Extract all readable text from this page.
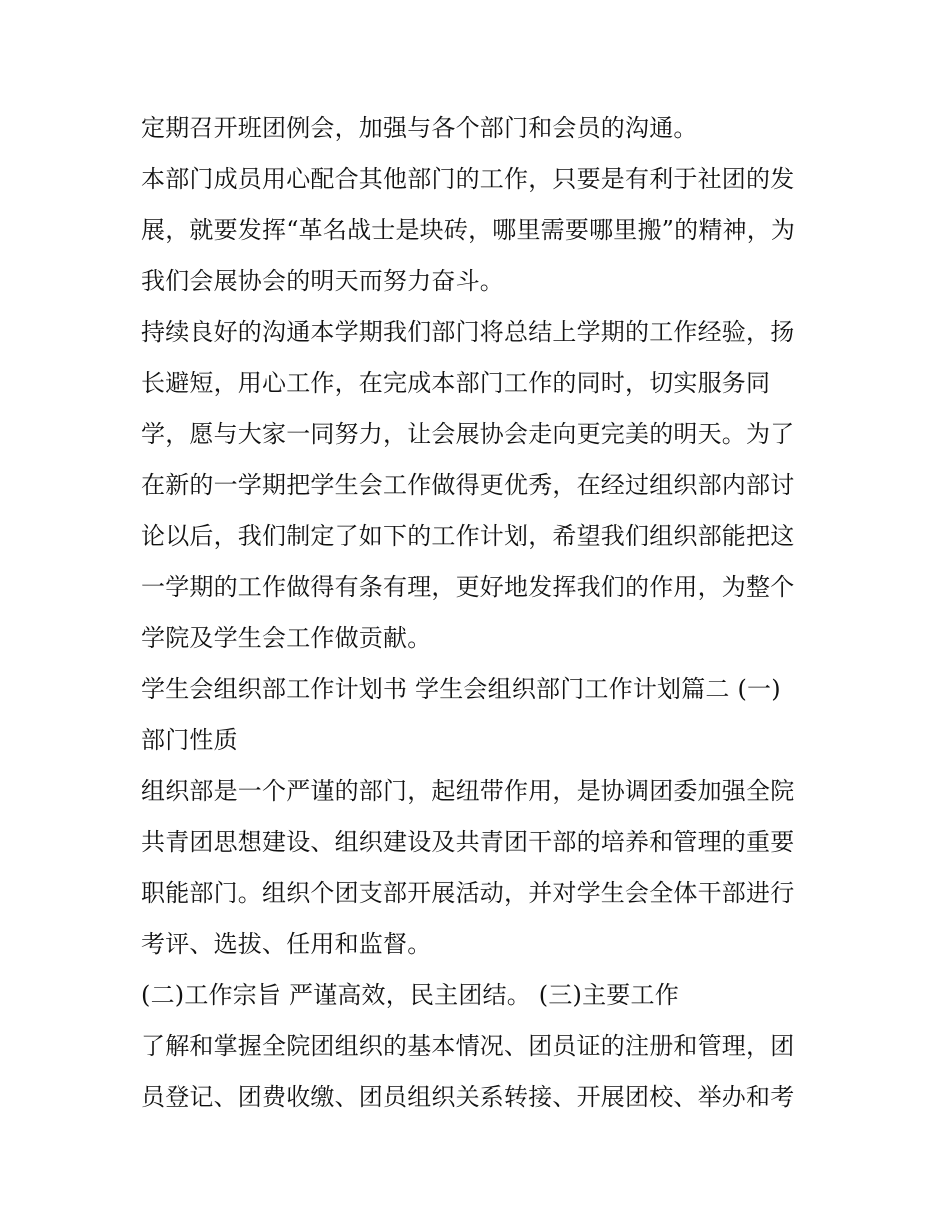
定期召开班团例会，加强与各个部门和会员的沟通。
本部门成员用心配合其他部门的工作，只要是有利于社团的发
展，就要发挥“革名战士是块砖，哪里需要哪里搬”的精神，为
我们会展协会的明天而努力奋斗。
持续良好的沟通本学期我们部门将总结上学期的工作经验，扬
长避短，用心工作，在完成本部门工作的同时，切实服务同
学，愿与大家一同努力，让会展协会走向更完美的明天。为了
在新的一学期把学生会工作做得更优秀，在经过组织部内部讨
论以后，我们制定了如下的工作计划，希望我们组织部能把这
一学期的工作做得有条有理，更好地发挥我们的作用，为整个
学院及学生会工作做贡献。
学生会组织部工作计划书 学生会组织部门工作计划篇二 (一)
部门性质
组织部是一个严谨的部门，起纽带作用，是协调团委加强全院
共青团思想建设、组织建设及共青团干部的培养和管理的重要
职能部门。组织个团支部开展活动，并对学生会全体干部进行
考评、选拔、任用和监督。
(二)工作宗旨 严谨高效，民主团结。 (三)主要工作
了解和掌握全院团组织的基本情况、团员证的注册和管理，团
员登记、团费收缴、团员组织关系转接、开展团校、举办和考
